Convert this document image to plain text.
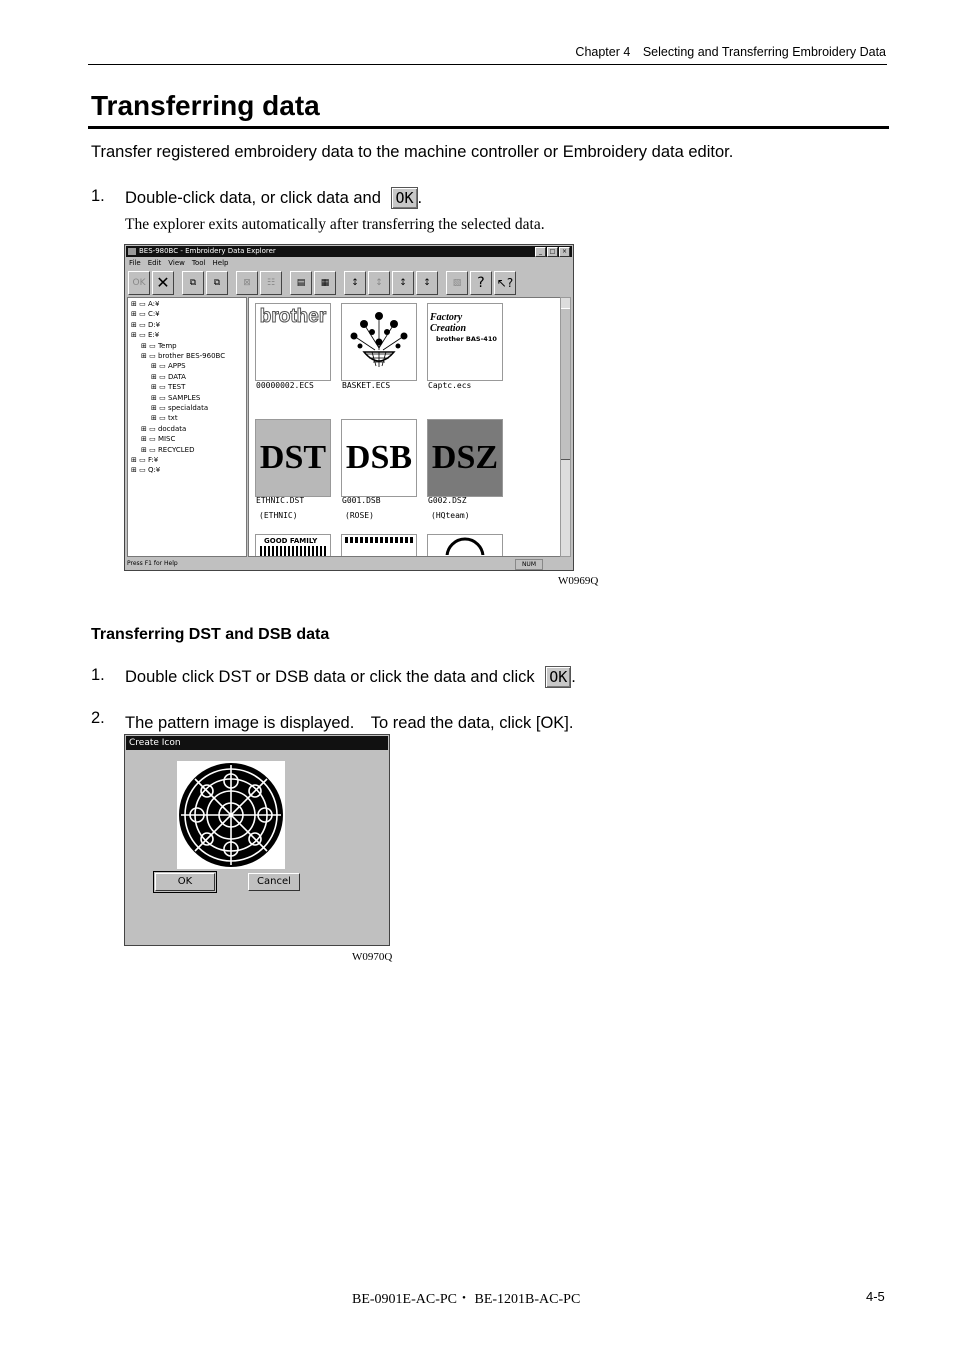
Chapter 4 Selecting and Transferring Embroidery Data
Transferring data
Transfer registered embroidery data to the machine controller or Embroidery data editor.
1. Double-click data, or click data and OK .
The explorer exits automatically after transferring the selected data.
BES-980BC - Embroidery Data Explorer	_	□	×
File Edit View Tool Help
OK ✕	⧉	⧉	⊠	☷	▤	▦	↕	↕	↕	↕	▧	?	↖?
⊞ ▭ A:¥
⊞ ▭ C:¥
⊞ ▭ D:¥
⊞ ▭ E:¥
⊞ ▭ Temp
⊞ ▭ brother BES-960BC
⊞ ▭ APPS
⊞ ▭ DATA
⊞ ▭ TEST
⊞ ▭ SAMPLES
⊞ ▭ specialdata
⊞ ▭ txt
⊞ ▭ docdata
⊞ ▭ MISC
⊞ ▭ RECYCLED
⊞ ▭ F:¥
⊞ ▭ Q:¥
brother
00000002.ECS	BASKET.ECS
Factory Creation
brother BAS-410
Captc.ecs
DST
ETHNIC.DST
(ETHNIC)
DSB
G001.DSB
(ROSE)
DSZ
G002.DSZ
(HQteam)
GOOD FAMILY
Press F1 for Help	NUM
W0969Q
Transferring DST and DSB data
1. Double click DST or DSB data or click the data and click OK .
2. The pattern image is displayed.　To read the data, click [OK].
Create Icon
OK	Cancel
W0970Q
BE-0901E-AC-PC・ BE-1201B-AC-PC	4-5
